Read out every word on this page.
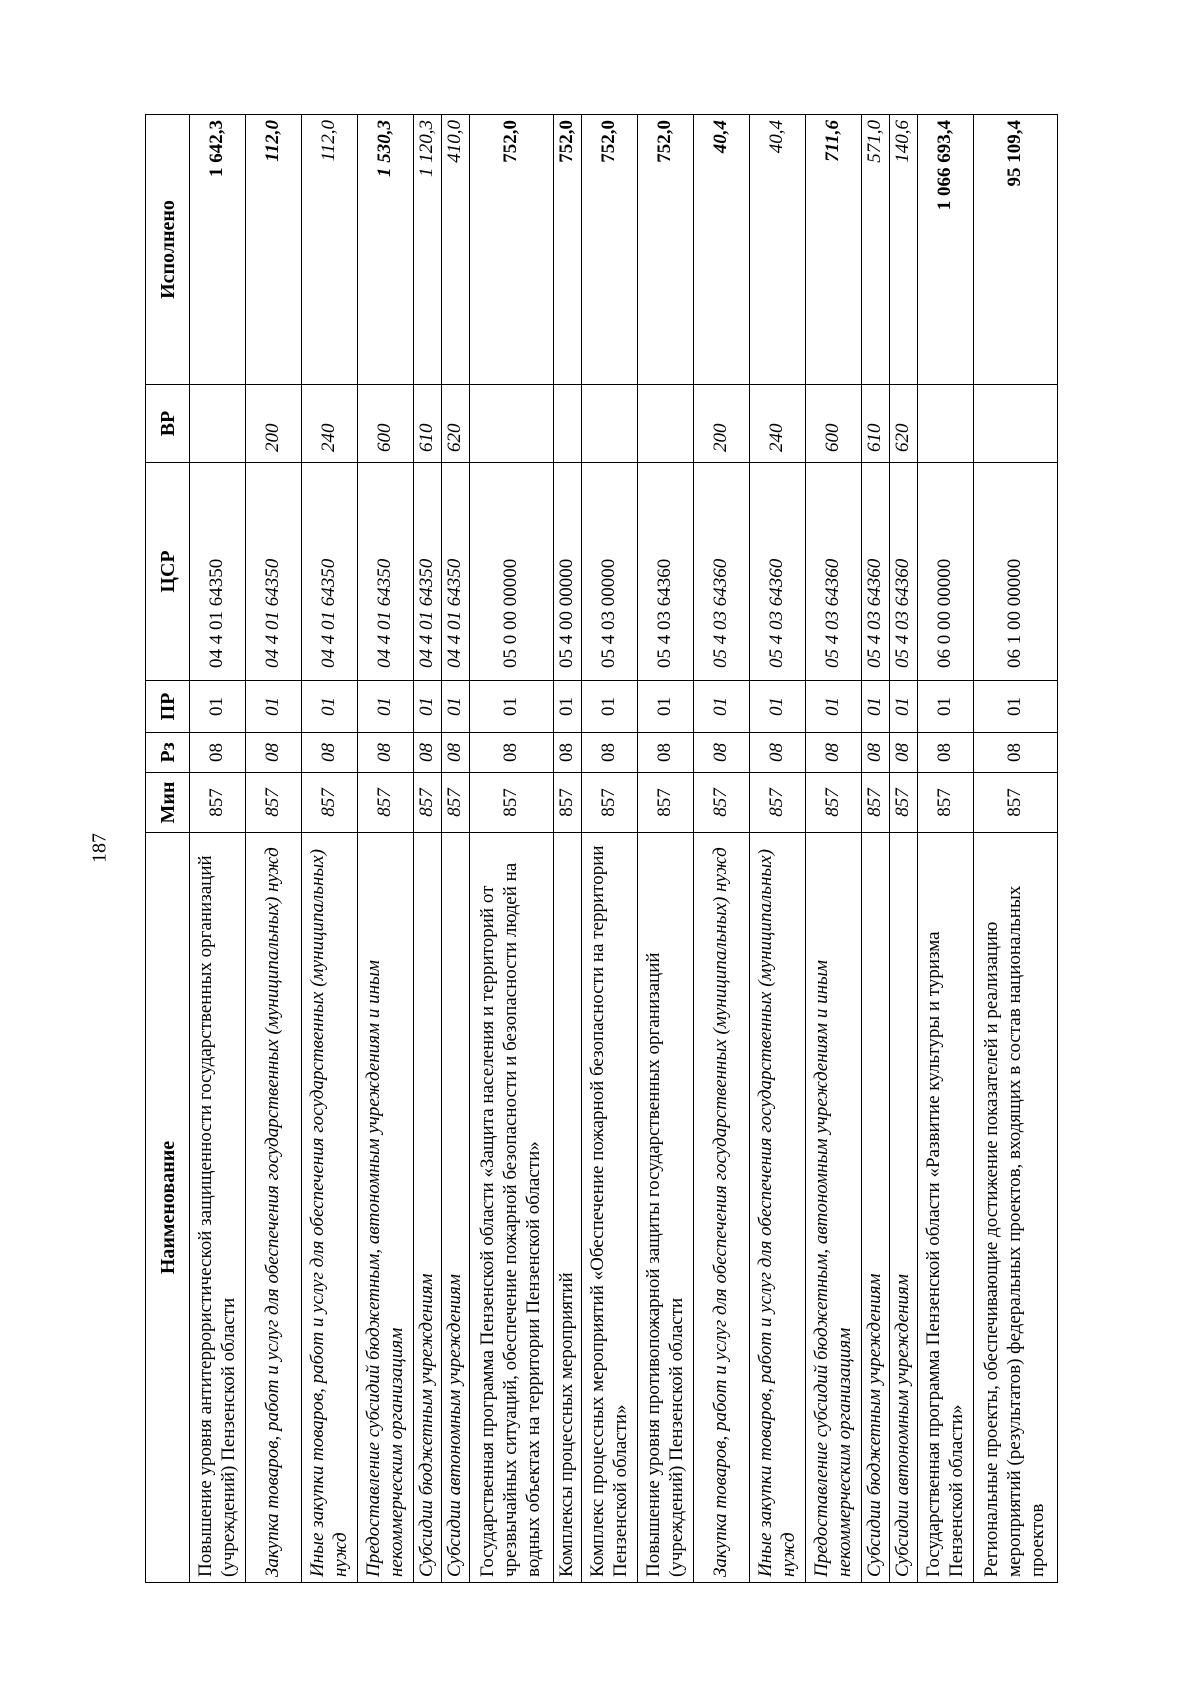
187
Наименование	Мин	Рз	ПР	ЦСР	ВР	Исполнено
Повышение уровня антитеррористической защищенности государственных организаций (учреждений) Пензенской области	857	08	01	04 4 01 64350		1 642,3
Закупка товаров, работ и услуг для обеспечения государственных (муниципальных) нужд	857	08	01	04 4 01 64350	200	112,0
Иные закупки товаров, работ и услуг для обеспечения государственных (муниципальных) нужд	857	08	01	04 4 01 64350	240	112,0
Предоставление субсидий бюджетным, автономным учреждениям и иным некоммерческим организациям	857	08	01	04 4 01 64350	600	1 530,3
Субсидии бюджетным учреждениям	857	08	01	04 4 01 64350	610	1 120,3
Субсидии автономным учреждениям	857	08	01	04 4 01 64350	620	410,0
Государственная программа Пензенской области «Защита населения и территорий от чрезвычайных ситуаций, обеспечение пожарной безопасности и безопасности людей на водных объектах на территории Пензенской области»	857	08	01	05 0 00 00000		752,0
Комплексы процессных мероприятий	857	08	01	05 4 00 00000		752,0
Комплекс процессных мероприятий «Обеспечение пожарной безопасности на территории Пензенской области»	857	08	01	05 4 03 00000		752,0
Повышение уровня противопожарной защиты государственных организаций (учреждений) Пензенской области	857	08	01	05 4 03 64360		752,0
Закупка товаров, работ и услуг для обеспечения государственных (муниципальных) нужд	857	08	01	05 4 03 64360	200	40,4
Иные закупки товаров, работ и услуг для обеспечения государственных (муниципальных) нужд	857	08	01	05 4 03 64360	240	40,4
Предоставление субсидий бюджетным, автономным учреждениям и иным некоммерческим организациям	857	08	01	05 4 03 64360	600	711,6
Субсидии бюджетным учреждениям	857	08	01	05 4 03 64360	610	571,0
Субсидии автономным учреждениям	857	08	01	05 4 03 64360	620	140,6
Государственная программа Пензенской области «Развитие культуры и туризма Пензенской области»	857	08	01	06 0 00 00000		1 066 693,4
Региональные проекты, обеспечивающие достижение показателей и реализацию мероприятий (результатов) федеральных проектов, входящих в состав национальных проектов	857	08	01	06 1 00 00000		95 109,4
